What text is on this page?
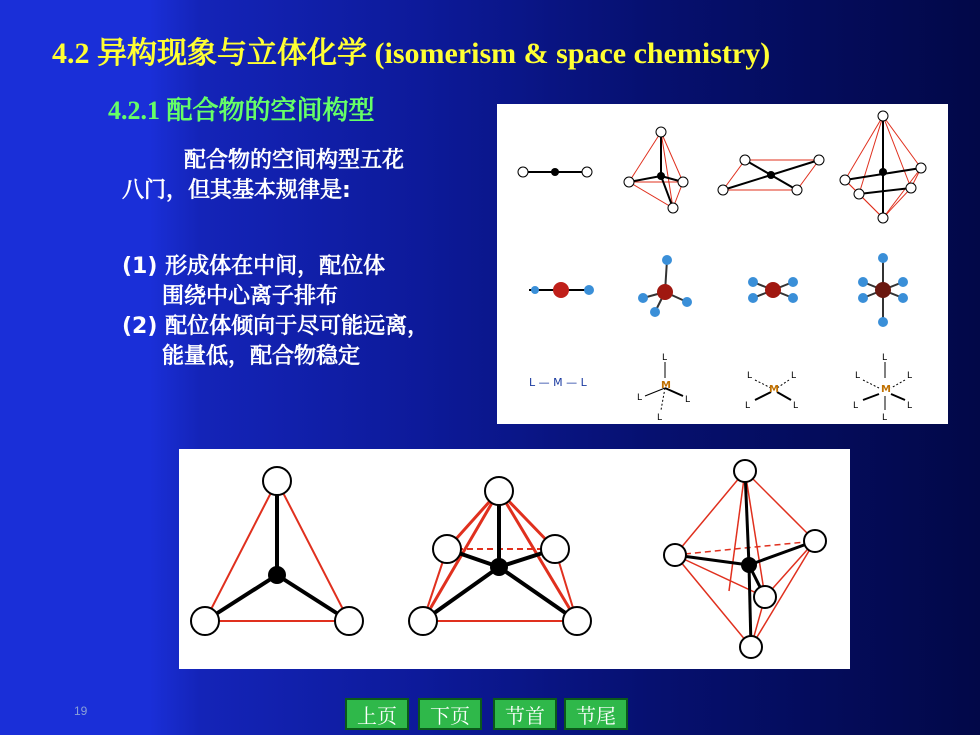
4.2 异构现象与立体化学 (isomerism & space chemistry)
4.2.1 配合物的空间构型
配合物的空间构型五花
八门，但其基本规律是:
(1) 形成体在中间，配位体
围绕中心离子排布
(2) 配位体倾向于尽可能远离，
能量低，配合物稳定
L — M — L	M
L
L	L
L
M
L	L
L	L
M
L
L	L
L	L
L
19	上页 下页 节首 节尾
